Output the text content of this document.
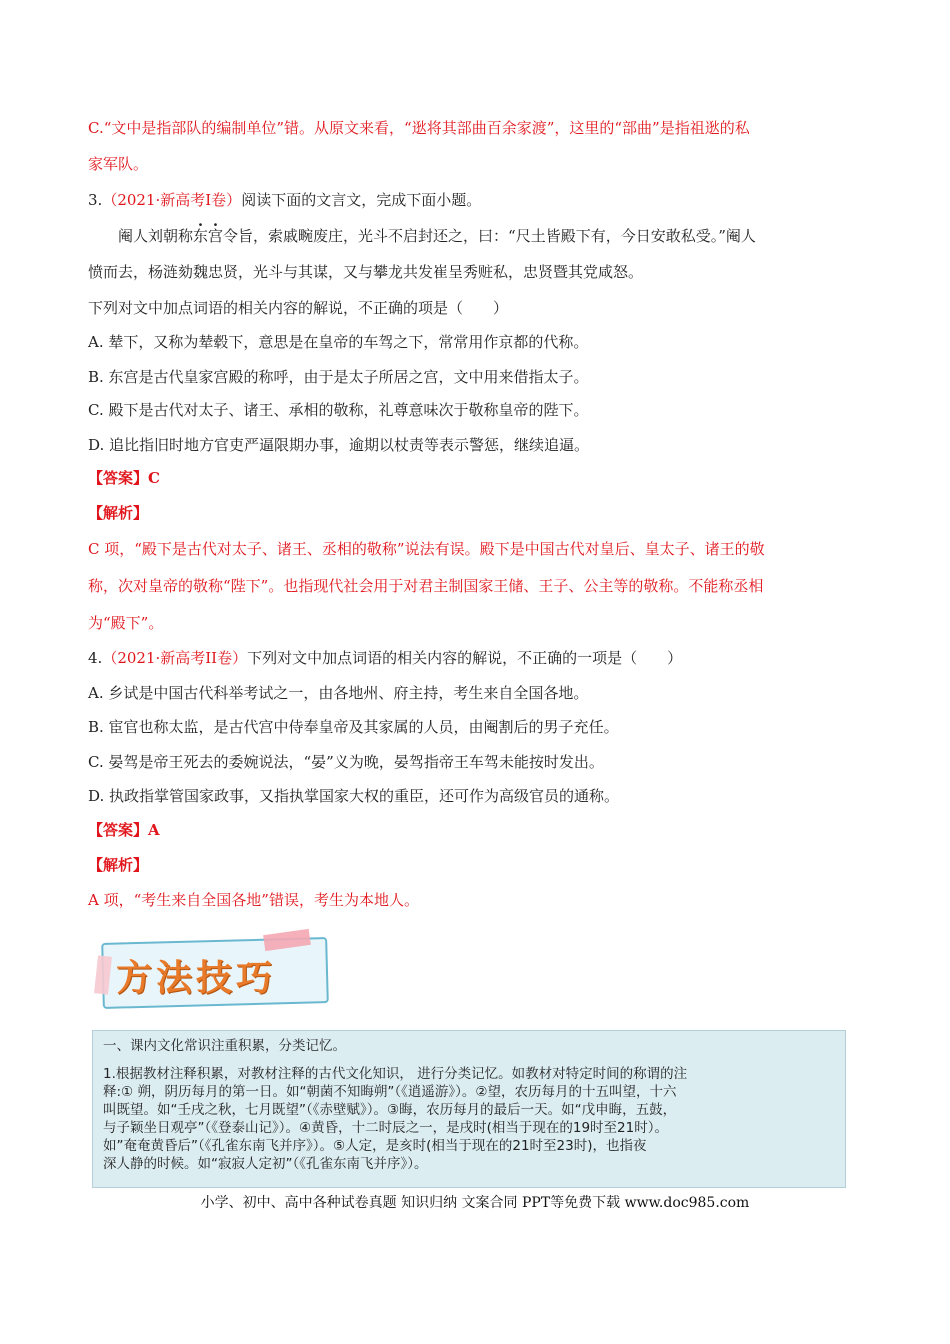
C.“文中是指部队的编制单位”错。从原文来看，“逖将其部曲百余家渡”，这里的“部曲”是指祖逖的私
家军队。
3.（2021·新高考Ⅰ卷）阅读下面的文言文，完成下面小题。
阉人刘朝称东宫令旨，索戚畹废庄，光斗不启封还之，曰：“尺土皆殿下有，今日安敢私受。”阉人
愤而去，杨涟劾魏忠贤，光斗与其谋，又与攀龙共发崔呈秀赃私，忠贤暨其党咸怒。
下列对文中加点词语的相关内容的解说，不正确的项是（　　）
A. 辇下，又称为辇毂下，意思是在皇帝的车驾之下，常常用作京都的代称。
B. 东宫是古代皇家宫殿的称呼，由于是太子所居之宫，文中用来借指太子。
C. 殿下是古代对太子、诸王、承相的敬称，礼尊意味次于敬称皇帝的陛下。
D. 追比指旧时地方官吏严逼限期办事，逾期以杖责等表示警惩，继续追逼。
【答案】C
【解析】
C 项，“殿下是古代对太子、诸王、丞相的敬称”说法有误。殿下是中国古代对皇后、皇太子、诸王的敬
称，次对皇帝的敬称“陛下”。也指现代社会用于对君主制国家王储、王子、公主等的敬称。不能称丞相
为“殿下”。
4.（2021·新高考II卷）下列对文中加点词语的相关内容的解说，不正确的一项是（　　）
A. 乡试是中国古代科举考试之一，由各地州、府主持，考生来自全国各地。
B. 宦官也称太监，是古代宫中侍奉皇帝及其家属的人员，由阉割后的男子充任。
C. 晏驾是帝王死去的委婉说法，“晏”义为晚，晏驾指帝王车驾未能按时发出。
D. 执政指掌管国家政事，又指执掌国家大权的重臣，还可作为高级官员的通称。
【答案】A
【解析】
A 项，“考生来自全国各地”错误，考生为本地人。
方法技巧
一、课内文化常识注重积累，分类记忆。
1.根据教材注释积累，对教材注释的古代文化知识， 进行分类记忆。如教材对特定时间的称谓的注
释:① 朔，阴历每月的第一日。如“朝菌不知晦朔”（《逍遥游》）。②望，农历每月的十五叫望，十六
叫既望。如“壬戌之秋，七月既望”（《赤壁赋》）。③晦，农历每月的最后一天。如“戊申晦，五鼓，
与子颖坐日观亭”（《登泰山记》）。④黄昏，十二时辰之一，是戌时(相当于现在的19时至21时）。
如”奄奄黄昏后”（《孔雀东南飞并序》）。⑤人定，是亥时(相当于现在的21时至23时)，也指夜
深人静的时候。如“寂寂人定初”（《孔雀东南飞并序》）。
小学、初中、高中各种试卷真题 知识归纳 文案合同 PPT等免费下载 www.doc985.com
